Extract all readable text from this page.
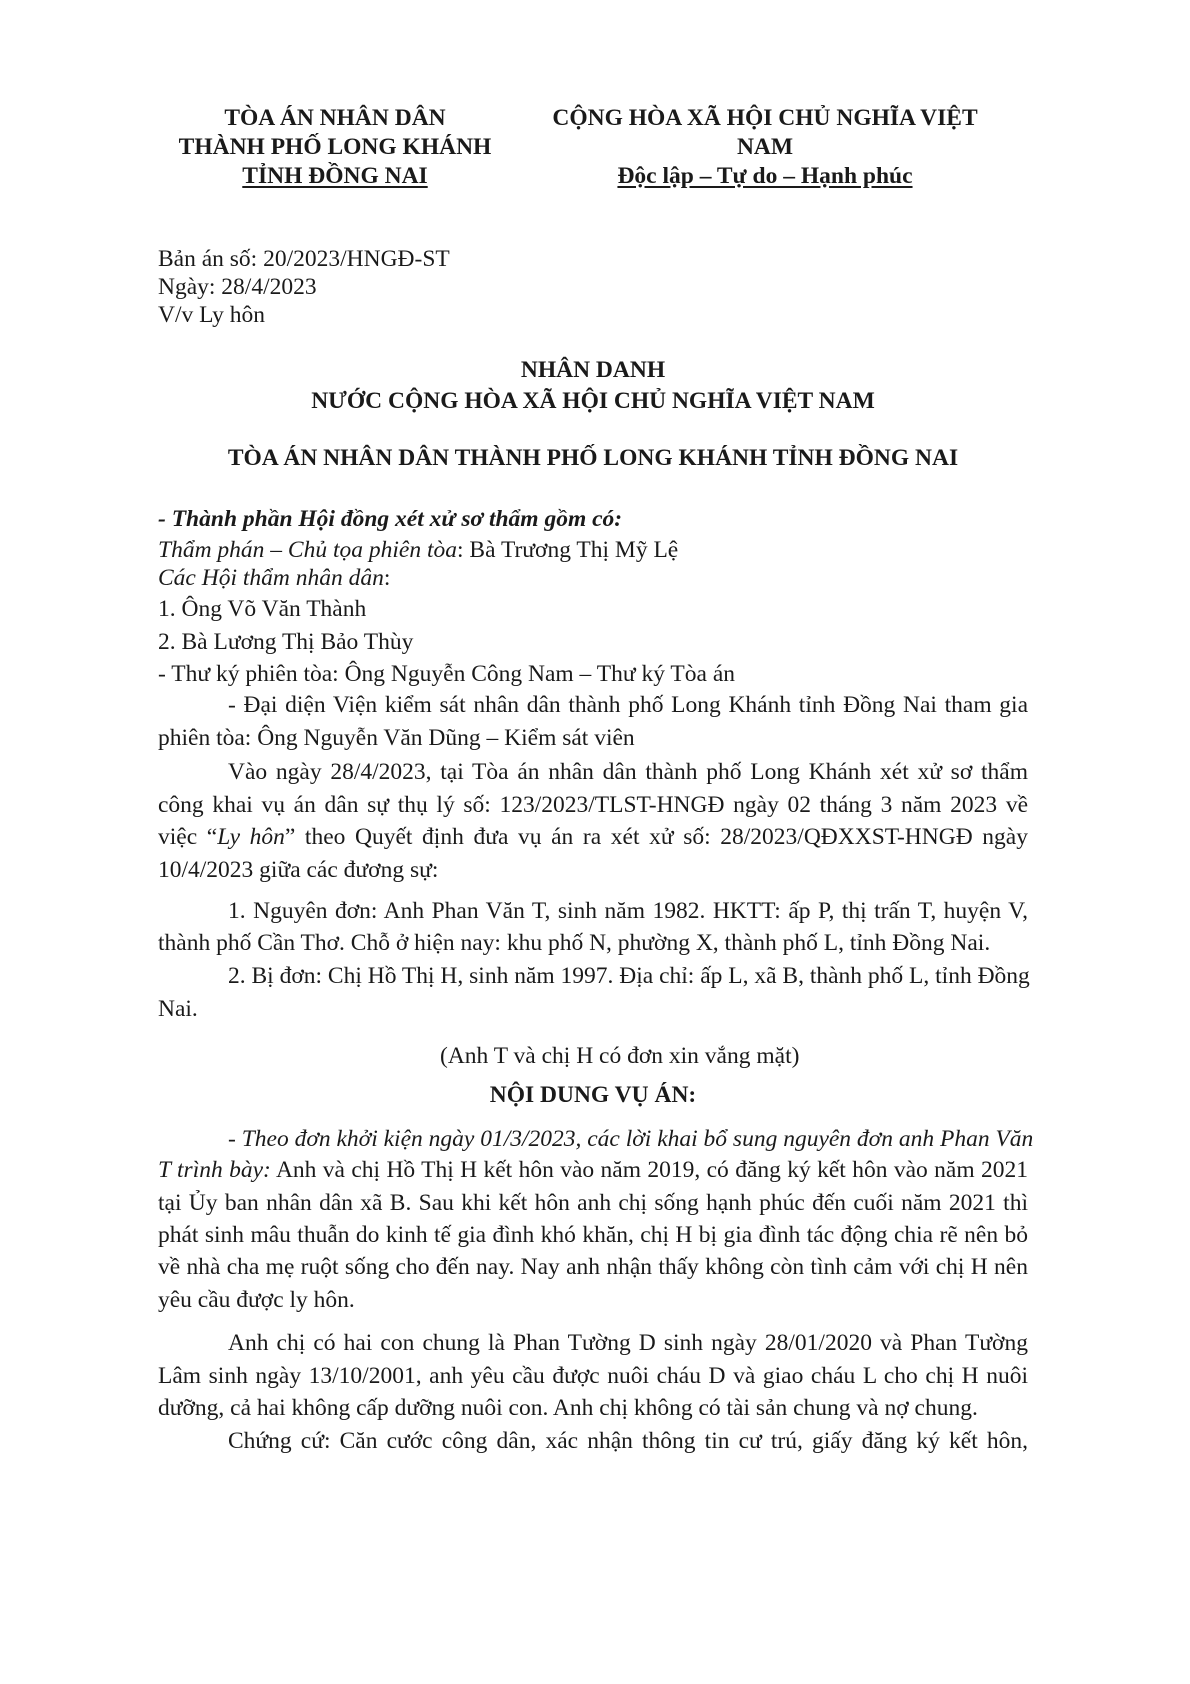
TÒA ÁN NHÂN DÂN
THÀNH PHỐ LONG KHÁNH
TỈNH ĐỒNG NAI
CỘNG HÒA XÃ HỘI CHỦ NGHĨA VIỆT
NAM
Độc lập – Tự do – Hạnh phúc
Bản án số: 20/2023/HNGĐ-ST
Ngày: 28/4/2023
V/v Ly hôn
NHÂN DANH
NƯỚC CỘNG HÒA XÃ HỘI CHỦ NGHĨA VIỆT NAM
TÒA ÁN NHÂN DÂN THÀNH PHỐ LONG KHÁNH TỈNH ĐỒNG NAI
- Thành phần Hội đồng xét xử sơ thẩm gồm có:
Thẩm phán – Chủ tọa phiên tòa: Bà Trương Thị Mỹ Lệ
Các Hội thẩm nhân dân:
1. Ông Võ Văn Thành
2. Bà Lương Thị Bảo Thùy
- Thư ký phiên tòa: Ông Nguyễn Công Nam – Thư ký Tòa án
- Đại diện Viện kiểm sát nhân dân thành phố Long Khánh tỉnh Đồng Nai tham gia
phiên tòa: Ông Nguyễn Văn Dũng – Kiểm sát viên
Vào ngày 28/4/2023, tại Tòa án nhân dân thành phố Long Khánh xét xử sơ thẩm
công khai vụ án dân sự thụ lý số: 123/2023/TLST-HNGĐ ngày 02 tháng 3 năm 2023 về
việc “Ly hôn” theo Quyết định đưa vụ án ra xét xử số: 28/2023/QĐXXST-HNGĐ ngày
10/4/2023 giữa các đương sự:
1. Nguyên đơn: Anh Phan Văn T, sinh năm 1982. HKTT: ấp P, thị trấn T, huyện V,
thành phố Cần Thơ. Chỗ ở hiện nay: khu phố N, phường X, thành phố L, tỉnh Đồng Nai.
2. Bị đơn: Chị Hồ Thị H, sinh năm 1997. Địa chỉ: ấp L, xã B, thành phố L, tỉnh Đồng
Nai.
(Anh T và chị H có đơn xin vắng mặt)
NỘI DUNG VỤ ÁN:
- Theo đơn khởi kiện ngày 01/3/2023, các lời khai bổ sung nguyên đơn anh Phan Văn
T trình bày: Anh và chị Hồ Thị H kết hôn vào năm 2019, có đăng ký kết hôn vào năm 2021
tại Ủy ban nhân dân xã B. Sau khi kết hôn anh chị sống hạnh phúc đến cuối năm 2021 thì
phát sinh mâu thuẫn do kinh tế gia đình khó khăn, chị H bị gia đình tác động chia rẽ nên bỏ
về nhà cha mẹ ruột sống cho đến nay. Nay anh nhận thấy không còn tình cảm với chị H nên
yêu cầu được ly hôn.
Anh chị có hai con chung là Phan Tường D sinh ngày 28/01/2020 và Phan Tường
Lâm sinh ngày 13/10/2001, anh yêu cầu được nuôi cháu D và giao cháu L cho chị H nuôi
dưỡng, cả hai không cấp dưỡng nuôi con. Anh chị không có tài sản chung và nợ chung.
Chứng cứ: Căn cước công dân, xác nhận thông tin cư trú, giấy đăng ký kết hôn,
